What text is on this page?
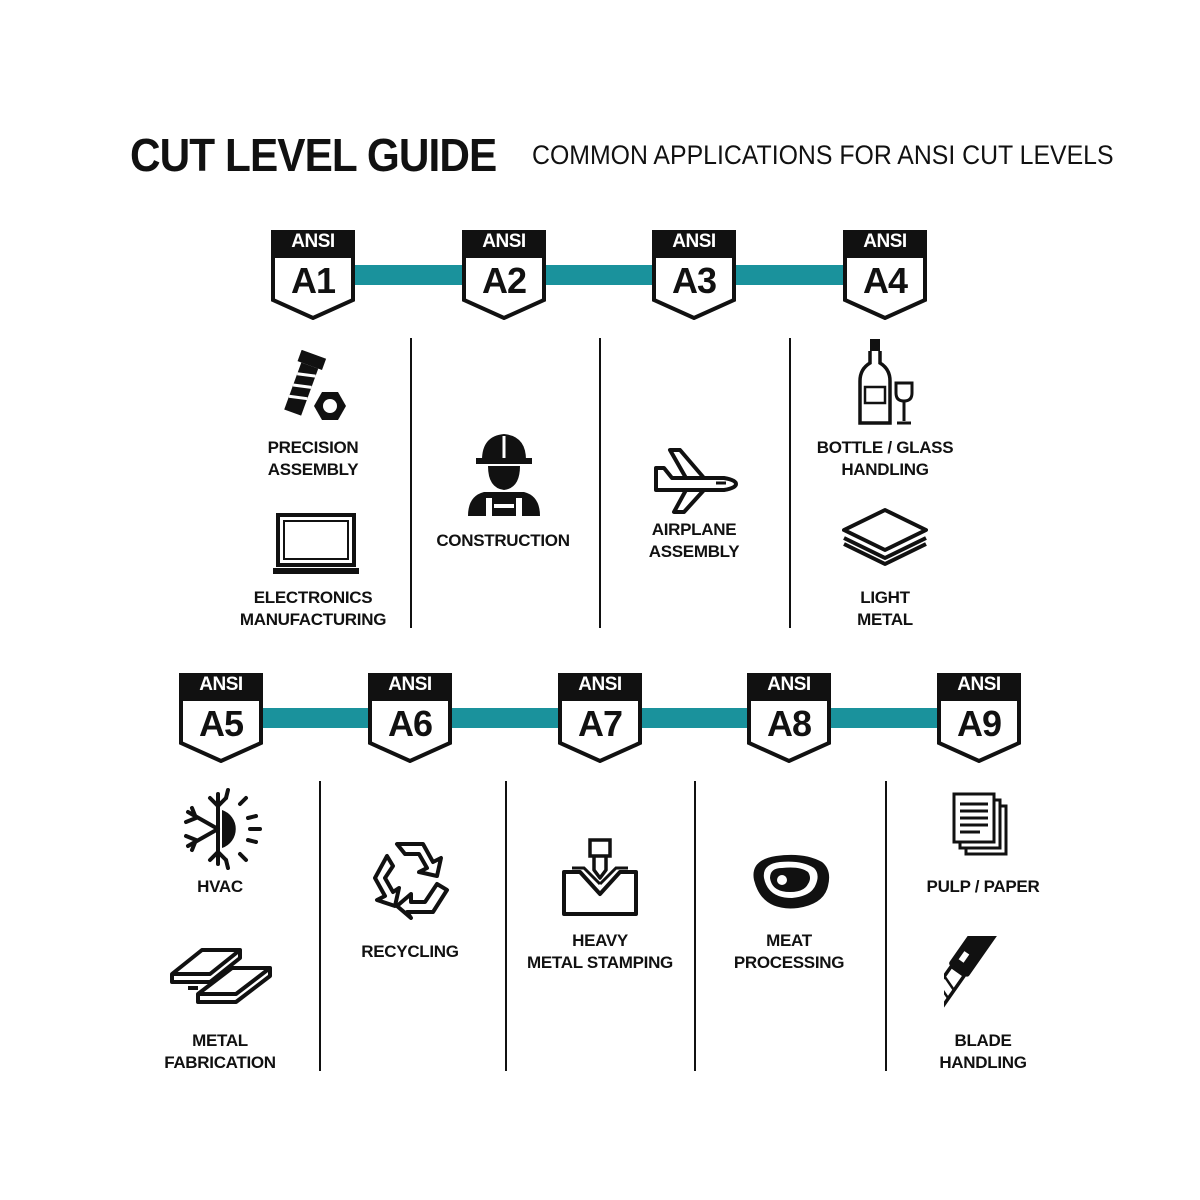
CUT LEVEL GUIDE COMMON APPLICATIONS FOR ANSI CUT LEVELS
ANSI
A1
ANSI
A2
ANSI
A3
ANSI
A4
ANSI
A5
ANSI
A6
ANSI
A7
ANSI
A8
ANSI
A9
PRECISION
ASSEMBLY
ELECTRONICS
MANUFACTURING
CONSTRUCTION
AIRPLANE
ASSEMBLY
BOTTLE / GLASS
HANDLING
LIGHT
METAL
HVAC
METAL
FABRICATION
RECYCLING
HEAVY
METAL STAMPING
MEAT
PROCESSING
PULP / PAPER
BLADE
HANDLING
